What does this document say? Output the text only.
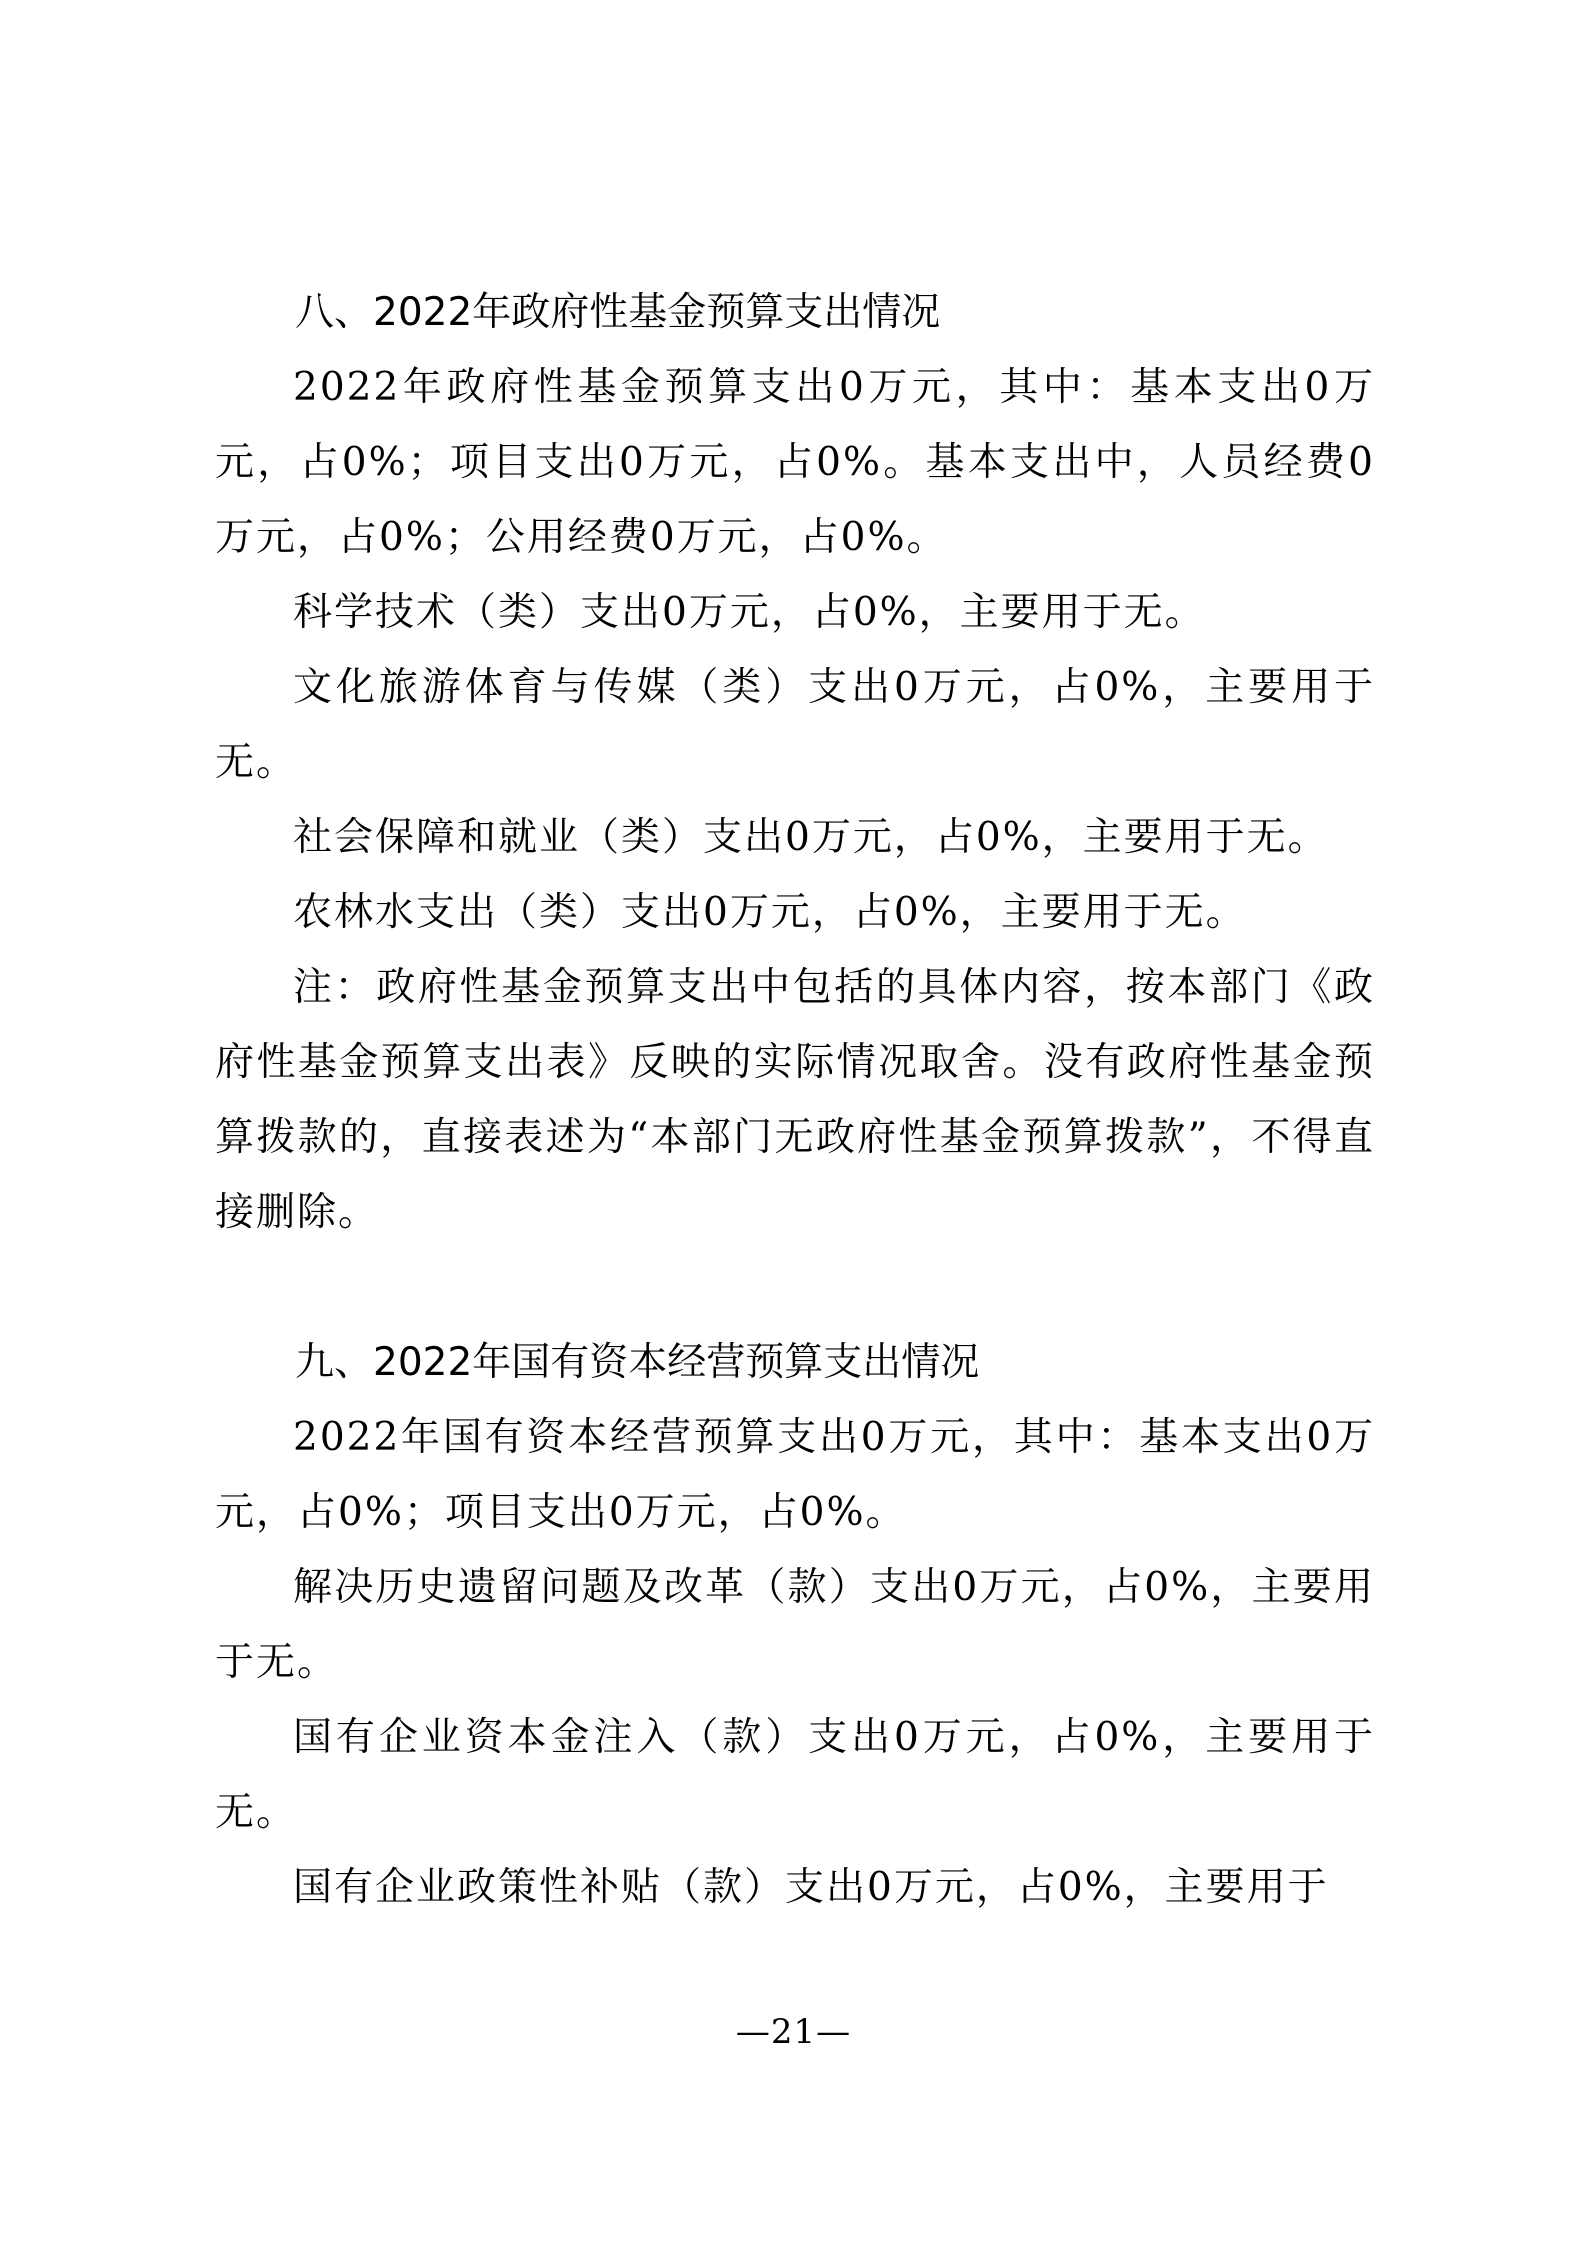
八、2022年政府性基金预算支出情况

2022年政府性基金预算支出0万元，其中：基本支出0万元，占0%；项目支出0万元，占0%。基本支出中，人员经费0万元，占0%；公用经费0万元，占0%。

科学技术（类）支出0万元，占0%，主要用于无。

文化旅游体育与传媒（类）支出0万元，占0%，主要用于无。

社会保障和就业（类）支出0万元，占0%，主要用于无。

农林水支出（类）支出0万元，占0%，主要用于无。

注：政府性基金预算支出中包括的具体内容，按本部门《政府性基金预算支出表》反映的实际情况取舍。没有政府性基金预算拨款的，直接表述为“本部门无政府性基金预算拨款”，不得直接删除。

九、2022年国有资本经营预算支出情况

2022年国有资本经营预算支出0万元，其中：基本支出0万元，占0%；项目支出0万元，占0%。

解决历史遗留问题及改革（款）支出0万元，占0%，主要用于无。

国有企业资本金注入（款）支出0万元，占0%，主要用于无。

国有企业政策性补贴（款）支出0万元，占0%，主要用于

—21—
